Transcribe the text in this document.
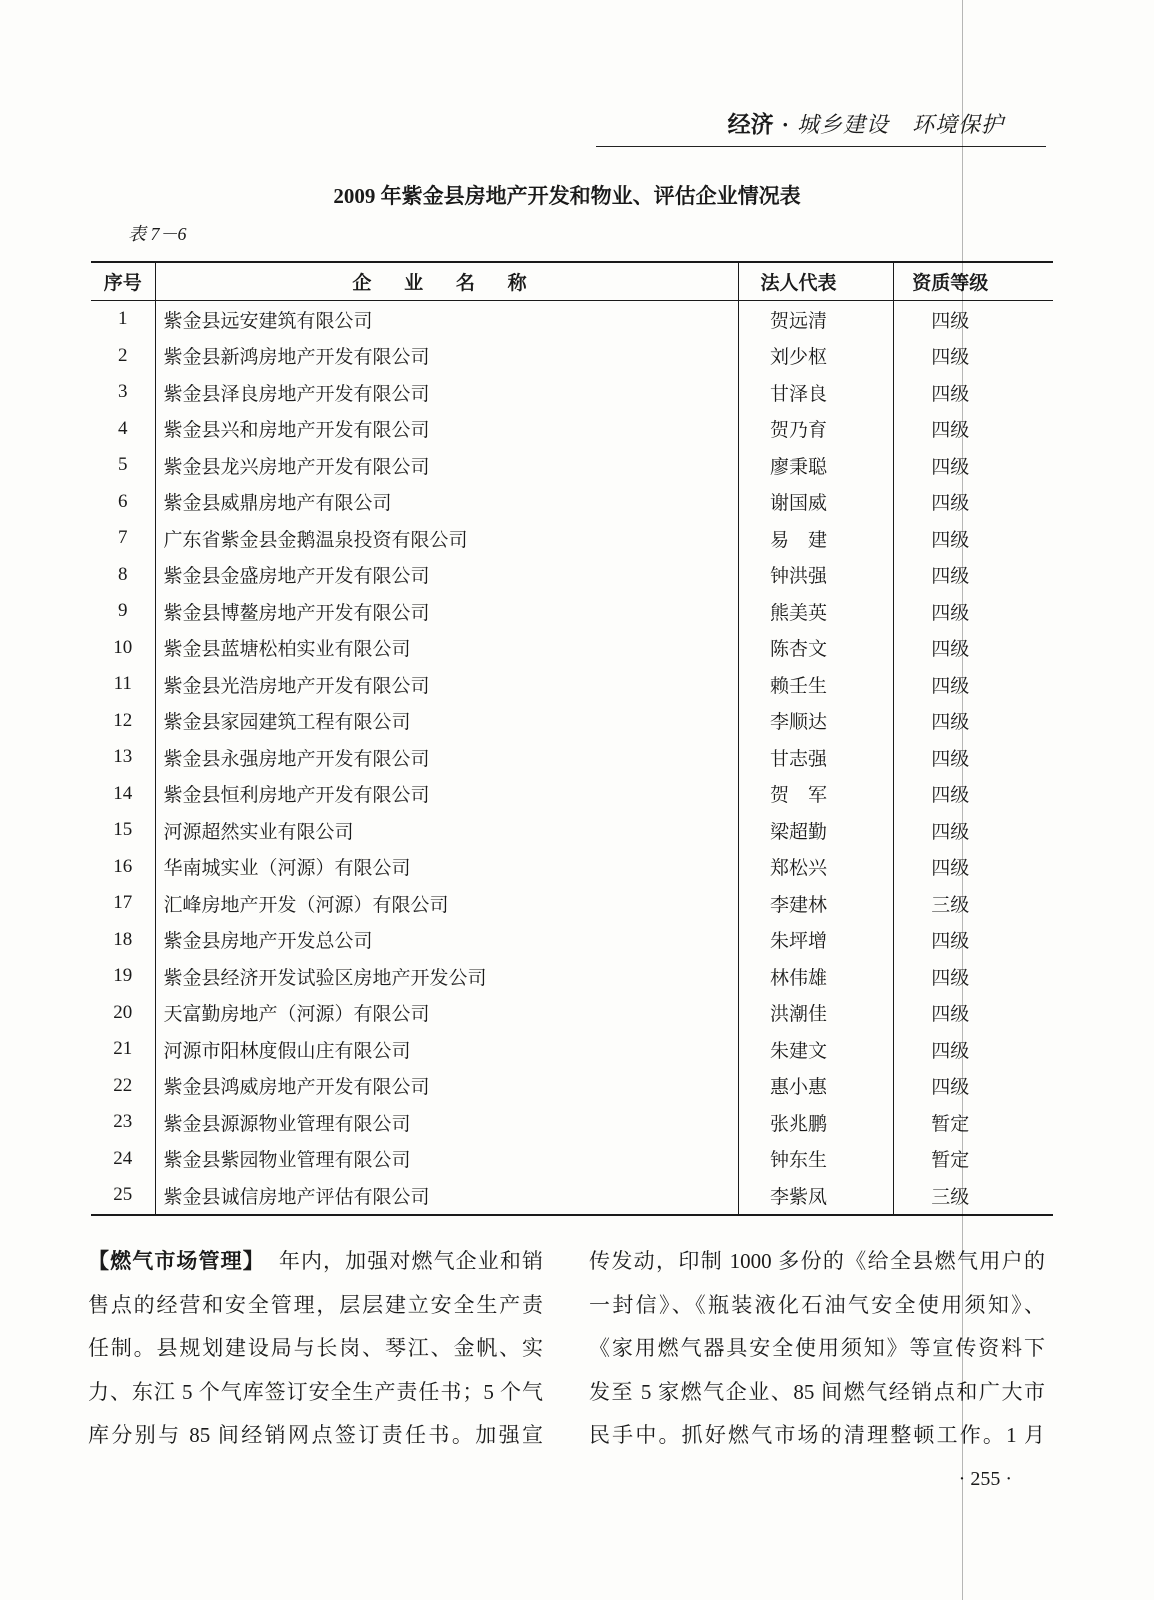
经济 · 城乡建设　环境保护
2009 年紫金县房地产开发和物业、评估企业情况表
表 7－6
序号	企 业 名 称	法人代表	资质等级
1	紫金县远安建筑有限公司	贺远清	四级
2	紫金县新鸿房地产开发有限公司	刘少枢	四级
3	紫金县泽良房地产开发有限公司	甘泽良	四级
4	紫金县兴和房地产开发有限公司	贺乃育	四级
5	紫金县龙兴房地产开发有限公司	廖秉聪	四级
6	紫金县威鼎房地产有限公司	谢国威	四级
7	广东省紫金县金鹅温泉投资有限公司	易　建	四级
8	紫金县金盛房地产开发有限公司	钟洪强	四级
9	紫金县博鳌房地产开发有限公司	熊美英	四级
10	紫金县蓝塘松柏实业有限公司	陈杏文	四级
11	紫金县光浩房地产开发有限公司	赖壬生	四级
12	紫金县家园建筑工程有限公司	李顺达	四级
13	紫金县永强房地产开发有限公司	甘志强	四级
14	紫金县恒利房地产开发有限公司	贺　军	四级
15	河源超然实业有限公司	梁超勤	四级
16	华南城实业（河源）有限公司	郑松兴	四级
17	汇峰房地产开发（河源）有限公司	李建林	三级
18	紫金县房地产开发总公司	朱坪增	四级
19	紫金县经济开发试验区房地产开发公司	林伟雄	四级
20	天富勤房地产（河源）有限公司	洪潮佳	四级
21	河源市阳林度假山庄有限公司	朱建文	四级
22	紫金县鸿威房地产开发有限公司	惠小惠	四级
23	紫金县源源物业管理有限公司	张兆鹏	暂定
24	紫金县紫园物业管理有限公司	钟东生	暂定
25	紫金县诚信房地产评估有限公司	李紫凤	三级
【燃气市场管理】 年内，加强对燃气企业和销
售点的经营和安全管理，层层建立安全生产责
任制。县规划建设局与长岗、琴江、金帆、实
力、东江 5 个气库签订安全生产责任书；5 个气
库分别与 85 间经销网点签订责任书。加强宣
传发动，印制 1000 多份的《给全县燃气用户的
一封信》、《瓶装液化石油气安全使用须知》、
《家用燃气器具安全使用须知》等宣传资料下
发至 5 家燃气企业、85 间燃气经销点和广大市
民手中。抓好燃气市场的清理整顿工作。1 月
· 255 ·
